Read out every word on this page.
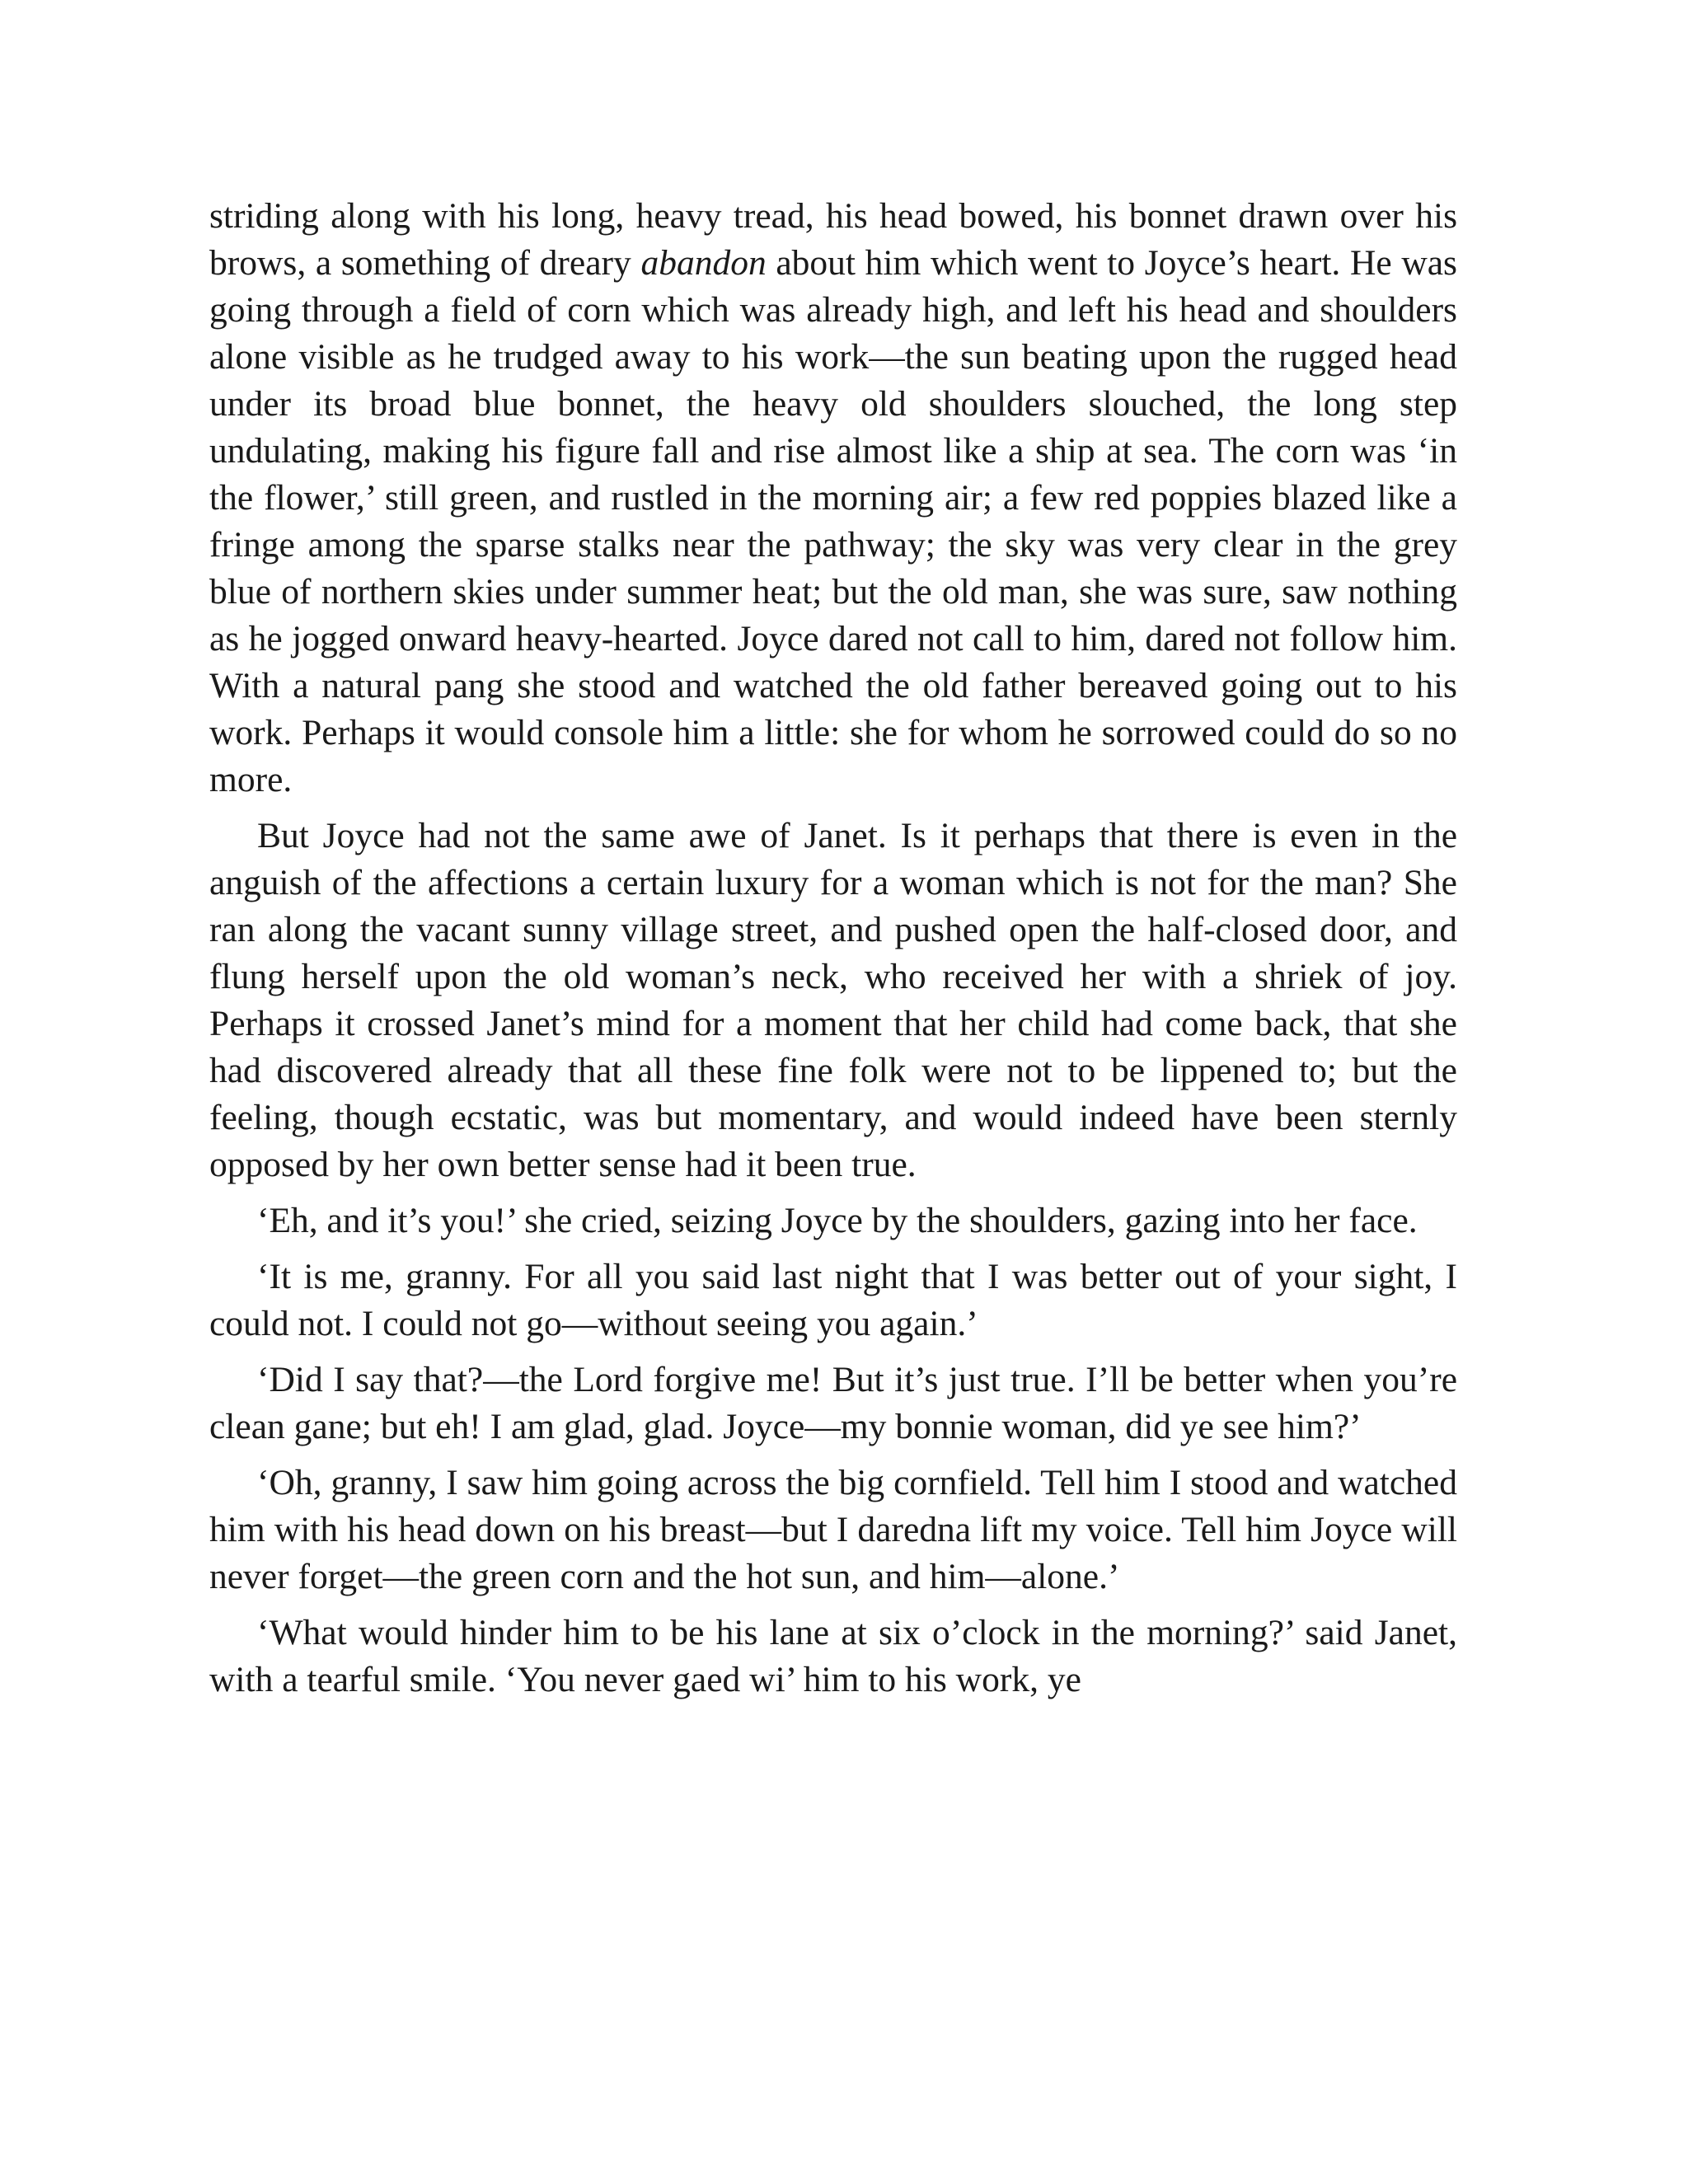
striding along with his long, heavy tread, his head bowed, his bonnet drawn over his brows, a something of dreary abandon about him which went to Joyce’s heart. He was going through a field of corn which was already high, and left his head and shoulders alone visible as he trudged away to his work—the sun beating upon the rugged head under its broad blue bonnet, the heavy old shoulders slouched, the long step undulating, making his figure fall and rise almost like a ship at sea. The corn was ‘in the flower,’ still green, and rustled in the morning air; a few red poppies blazed like a fringe among the sparse stalks near the pathway; the sky was very clear in the grey blue of northern skies under summer heat; but the old man, she was sure, saw nothing as he jogged onward heavy-hearted. Joyce dared not call to him, dared not follow him. With a natural pang she stood and watched the old father bereaved going out to his work. Perhaps it would console him a little: she for whom he sorrowed could do so no more.

But Joyce had not the same awe of Janet. Is it perhaps that there is even in the anguish of the affections a certain luxury for a woman which is not for the man? She ran along the vacant sunny village street, and pushed open the half-closed door, and flung herself upon the old woman’s neck, who received her with a shriek of joy. Perhaps it crossed Janet’s mind for a moment that her child had come back, that she had discovered already that all these fine folk were not to be lippened to; but the feeling, though ecstatic, was but momentary, and would indeed have been sternly opposed by her own better sense had it been true.

‘Eh, and it’s you!’ she cried, seizing Joyce by the shoulders, gazing into her face.

‘It is me, granny. For all you said last night that I was better out of your sight, I could not. I could not go—without seeing you again.’

‘Did I say that?—the Lord forgive me! But it’s just true. I’ll be better when you’re clean gane; but eh! I am glad, glad. Joyce—my bonnie woman, did ye see him?’

‘Oh, granny, I saw him going across the big cornfield. Tell him I stood and watched him with his head down on his breast—but I daredna lift my voice. Tell him Joyce will never forget—the green corn and the hot sun, and him—alone.’

‘What would hinder him to be his lane at six o’clock in the morning?’ said Janet, with a tearful smile. ‘You never gaed wi’ him to his work, ye
